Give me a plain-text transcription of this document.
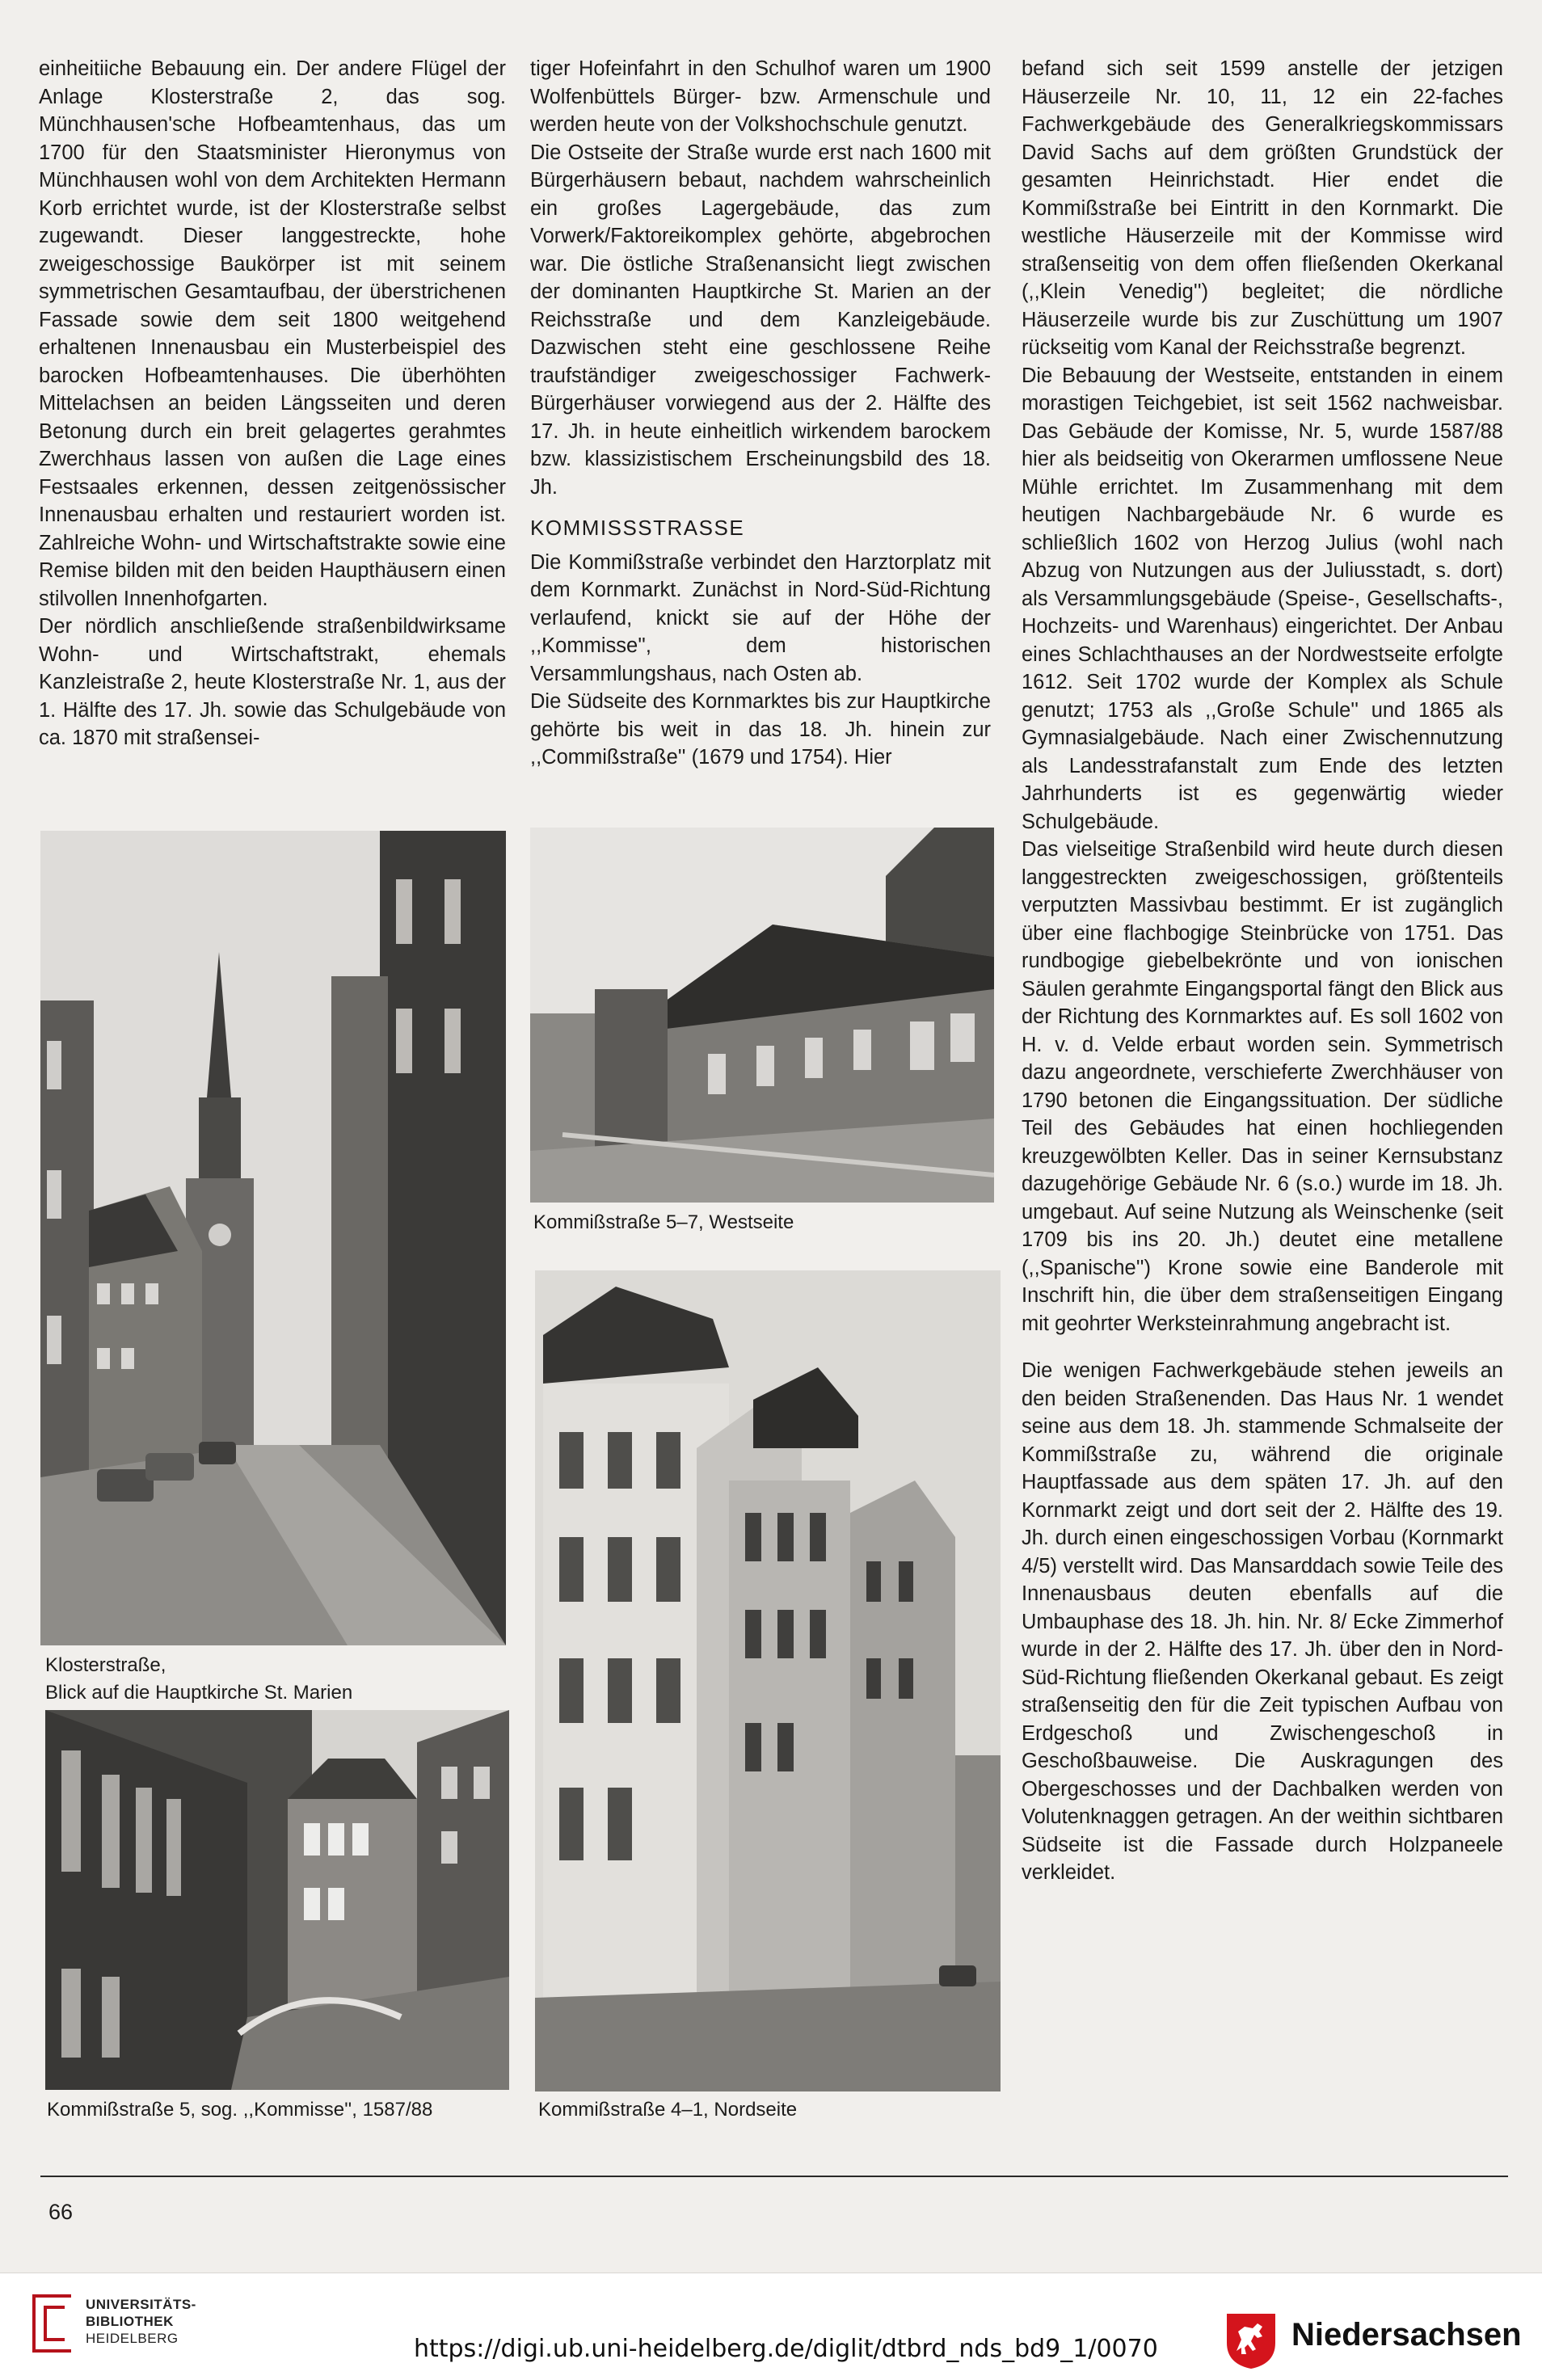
einheitiiche Bebauung ein. Der andere Flügel der Anlage Klosterstraße 2, das sog. Münchhausen'sche Hofbeamtenhaus, das um 1700 für den Staatsminister Hieronymus von Münchhausen wohl von dem Architekten Hermann Korb errichtet wurde, ist der Klosterstraße selbst zugewandt. Dieser langgestreckte, hohe zweigeschossige Baukörper ist mit seinem symmetrischen Gesamtaufbau, der überstrichenen Fassade sowie dem seit 1800 weitgehend erhaltenen Innenausbau ein Musterbeispiel des barocken Hofbeamtenhauses. Die überhöhten Mittelachsen an beiden Längsseiten und deren Betonung durch ein breit gelagertes gerahmtes Zwerchhaus lassen von außen die Lage eines Festsaales erkennen, dessen zeitgenössischer Innenausbau erhalten und restauriert worden ist. Zahlreiche Wohn- und Wirtschaftstrakte sowie eine Remise bilden mit den beiden Haupthäusern einen stilvollen Innenhofgarten.

Der nördlich anschließende straßenbildwirksame Wohn- und Wirtschaftstrakt, ehemals Kanzleistraße 2, heute Klosterstraße Nr. 1, aus der 1. Hälfte des 17. Jh. sowie das Schulgebäude von ca. 1870 mit straßensei-

tiger Hofeinfahrt in den Schulhof waren um 1900 Wolfenbüttels Bürger- bzw. Armenschule und werden heute von der Volkshochschule genutzt.

Die Ostseite der Straße wurde erst nach 1600 mit Bürgerhäusern bebaut, nachdem wahrscheinlich ein großes Lagergebäude, das zum Vorwerk/Faktoreikomplex gehörte, abgebrochen war. Die östliche Straßenansicht liegt zwischen der dominanten Hauptkirche St. Marien an der Reichsstraße und dem Kanzleigebäude. Dazwischen steht eine geschlossene Reihe traufständiger zweigeschossiger Fachwerk-Bürgerhäuser vorwiegend aus der 2. Hälfte des 17. Jh. in heute einheitlich wirkendem barockem bzw. klassizistischem Erscheinungsbild des 18. Jh.

KOMMISSSTRASSE

Die Kommißstraße verbindet den Harztorplatz mit dem Kornmarkt. Zunächst in Nord-Süd-Richtung verlaufend, knickt sie auf der Höhe der ,,Kommisse'', dem historischen Versammlungshaus, nach Osten ab.

Die Südseite des Kornmarktes bis zur Hauptkirche gehörte bis weit in das 18. Jh. hinein zur ,,Commißstraße'' (1679 und 1754). Hier

befand sich seit 1599 anstelle der jetzigen Häuserzeile Nr. 10, 11, 12 ein 22-faches Fachwerkgebäude des Generalkriegskommissars David Sachs auf dem größten Grundstück der gesamten Heinrichstadt. Hier endet die Kommißstraße bei Eintritt in den Kornmarkt. Die westliche Häuserzeile mit der Kommisse wird straßenseitig von dem offen fließenden Okerkanal (,,Klein Venedig'') begleitet; die nördliche Häuserzeile wurde bis zur Zuschüttung um 1907 rückseitig vom Kanal der Reichsstraße begrenzt.

Die Bebauung der Westseite, entstanden in einem morastigen Teichgebiet, ist seit 1562 nachweisbar. Das Gebäude der Komisse, Nr. 5, wurde 1587/88 hier als beidseitig von Okerarmen umflossene Neue Mühle errichtet. Im Zusammenhang mit dem heutigen Nachbargebäude Nr. 6 wurde es schließlich 1602 von Herzog Julius (wohl nach Abzug von Nutzungen aus der Juliusstadt, s. dort) als Versammlungsgebäude (Speise-, Gesellschafts-, Hochzeits- und Warenhaus) eingerichtet. Der Anbau eines Schlachthauses an der Nordwestseite erfolgte 1612. Seit 1702 wurde der Komplex als Schule genutzt; 1753 als ,,Große Schule'' und 1865 als Gymnasialgebäude. Nach einer Zwischennutzung als Landesstrafanstalt zum Ende des letzten Jahrhunderts ist es gegenwärtig wieder Schulgebäude.

Das vielseitige Straßenbild wird heute durch diesen langgestreckten zweigeschossigen, größtenteils verputzten Massivbau bestimmt. Er ist zugänglich über eine flachbogige Steinbrücke von 1751. Das rundbogige giebelbekrönte und von ionischen Säulen gerahmte Eingangsportal fängt den Blick aus der Richtung des Kornmarktes auf. Es soll 1602 von H. v. d. Velde erbaut worden sein. Symmetrisch dazu angeordnete, verschieferte Zwerchhäuser von 1790 betonen die Eingangssituation. Der südliche Teil des Gebäudes hat einen hochliegenden kreuzgewölbten Keller. Das in seiner Kernsubstanz dazugehörige Gebäude Nr. 6 (s.o.) wurde im 18. Jh. umgebaut. Auf seine Nutzung als Weinschenke (seit 1709 bis ins 20. Jh.) deutet eine metallene (,,Spanische'') Krone sowie eine Banderole mit Inschrift hin, die über dem straßenseitigen Eingang mit geohrter Werksteinrahmung angebracht ist.

Die wenigen Fachwerkgebäude stehen jeweils an den beiden Straßenenden. Das Haus Nr. 1 wendet seine aus dem 18. Jh. stammende Schmalseite der Kommißstraße zu, während die originale Hauptfassade aus dem späten 17. Jh. auf den Kornmarkt zeigt und dort seit der 2. Hälfte des 19. Jh. durch einen eingeschossigen Vorbau (Kornmarkt 4/5) verstellt wird. Das Mansarddach sowie Teile des Innenausbaus deuten ebenfalls auf die Umbauphase des 18. Jh. hin. Nr. 8/ Ecke Zimmerhof wurde in der 2. Hälfte des 17. Jh. über den in Nord-Süd-Richtung fließenden Okerkanal gebaut. Es zeigt straßenseitig den für die Zeit typischen Aufbau von Erdgeschoß und Zwischengeschoß in Geschoßbauweise. Die Auskragungen des Obergeschosses und der Dachbalken werden von Volutenknaggen getragen. An der weithin sichtbaren Südseite ist die Fassade durch Holzpaneele verkleidet.

Klosterstraße,
Blick auf die Hauptkirche St. Marien
Kommißstraße 5, sog. ,,Kommisse'', 1587/88
Kommißstraße 5–7, Westseite
Kommißstraße 4–1, Nordseite
66
UNIVERSITÄTS-
BIBLIOTHEK
HEIDELBERG	https://digi.ub.uni-heidelberg.de/diglit/dtbrd_nds_bd9_1/0070	Niedersachsen
